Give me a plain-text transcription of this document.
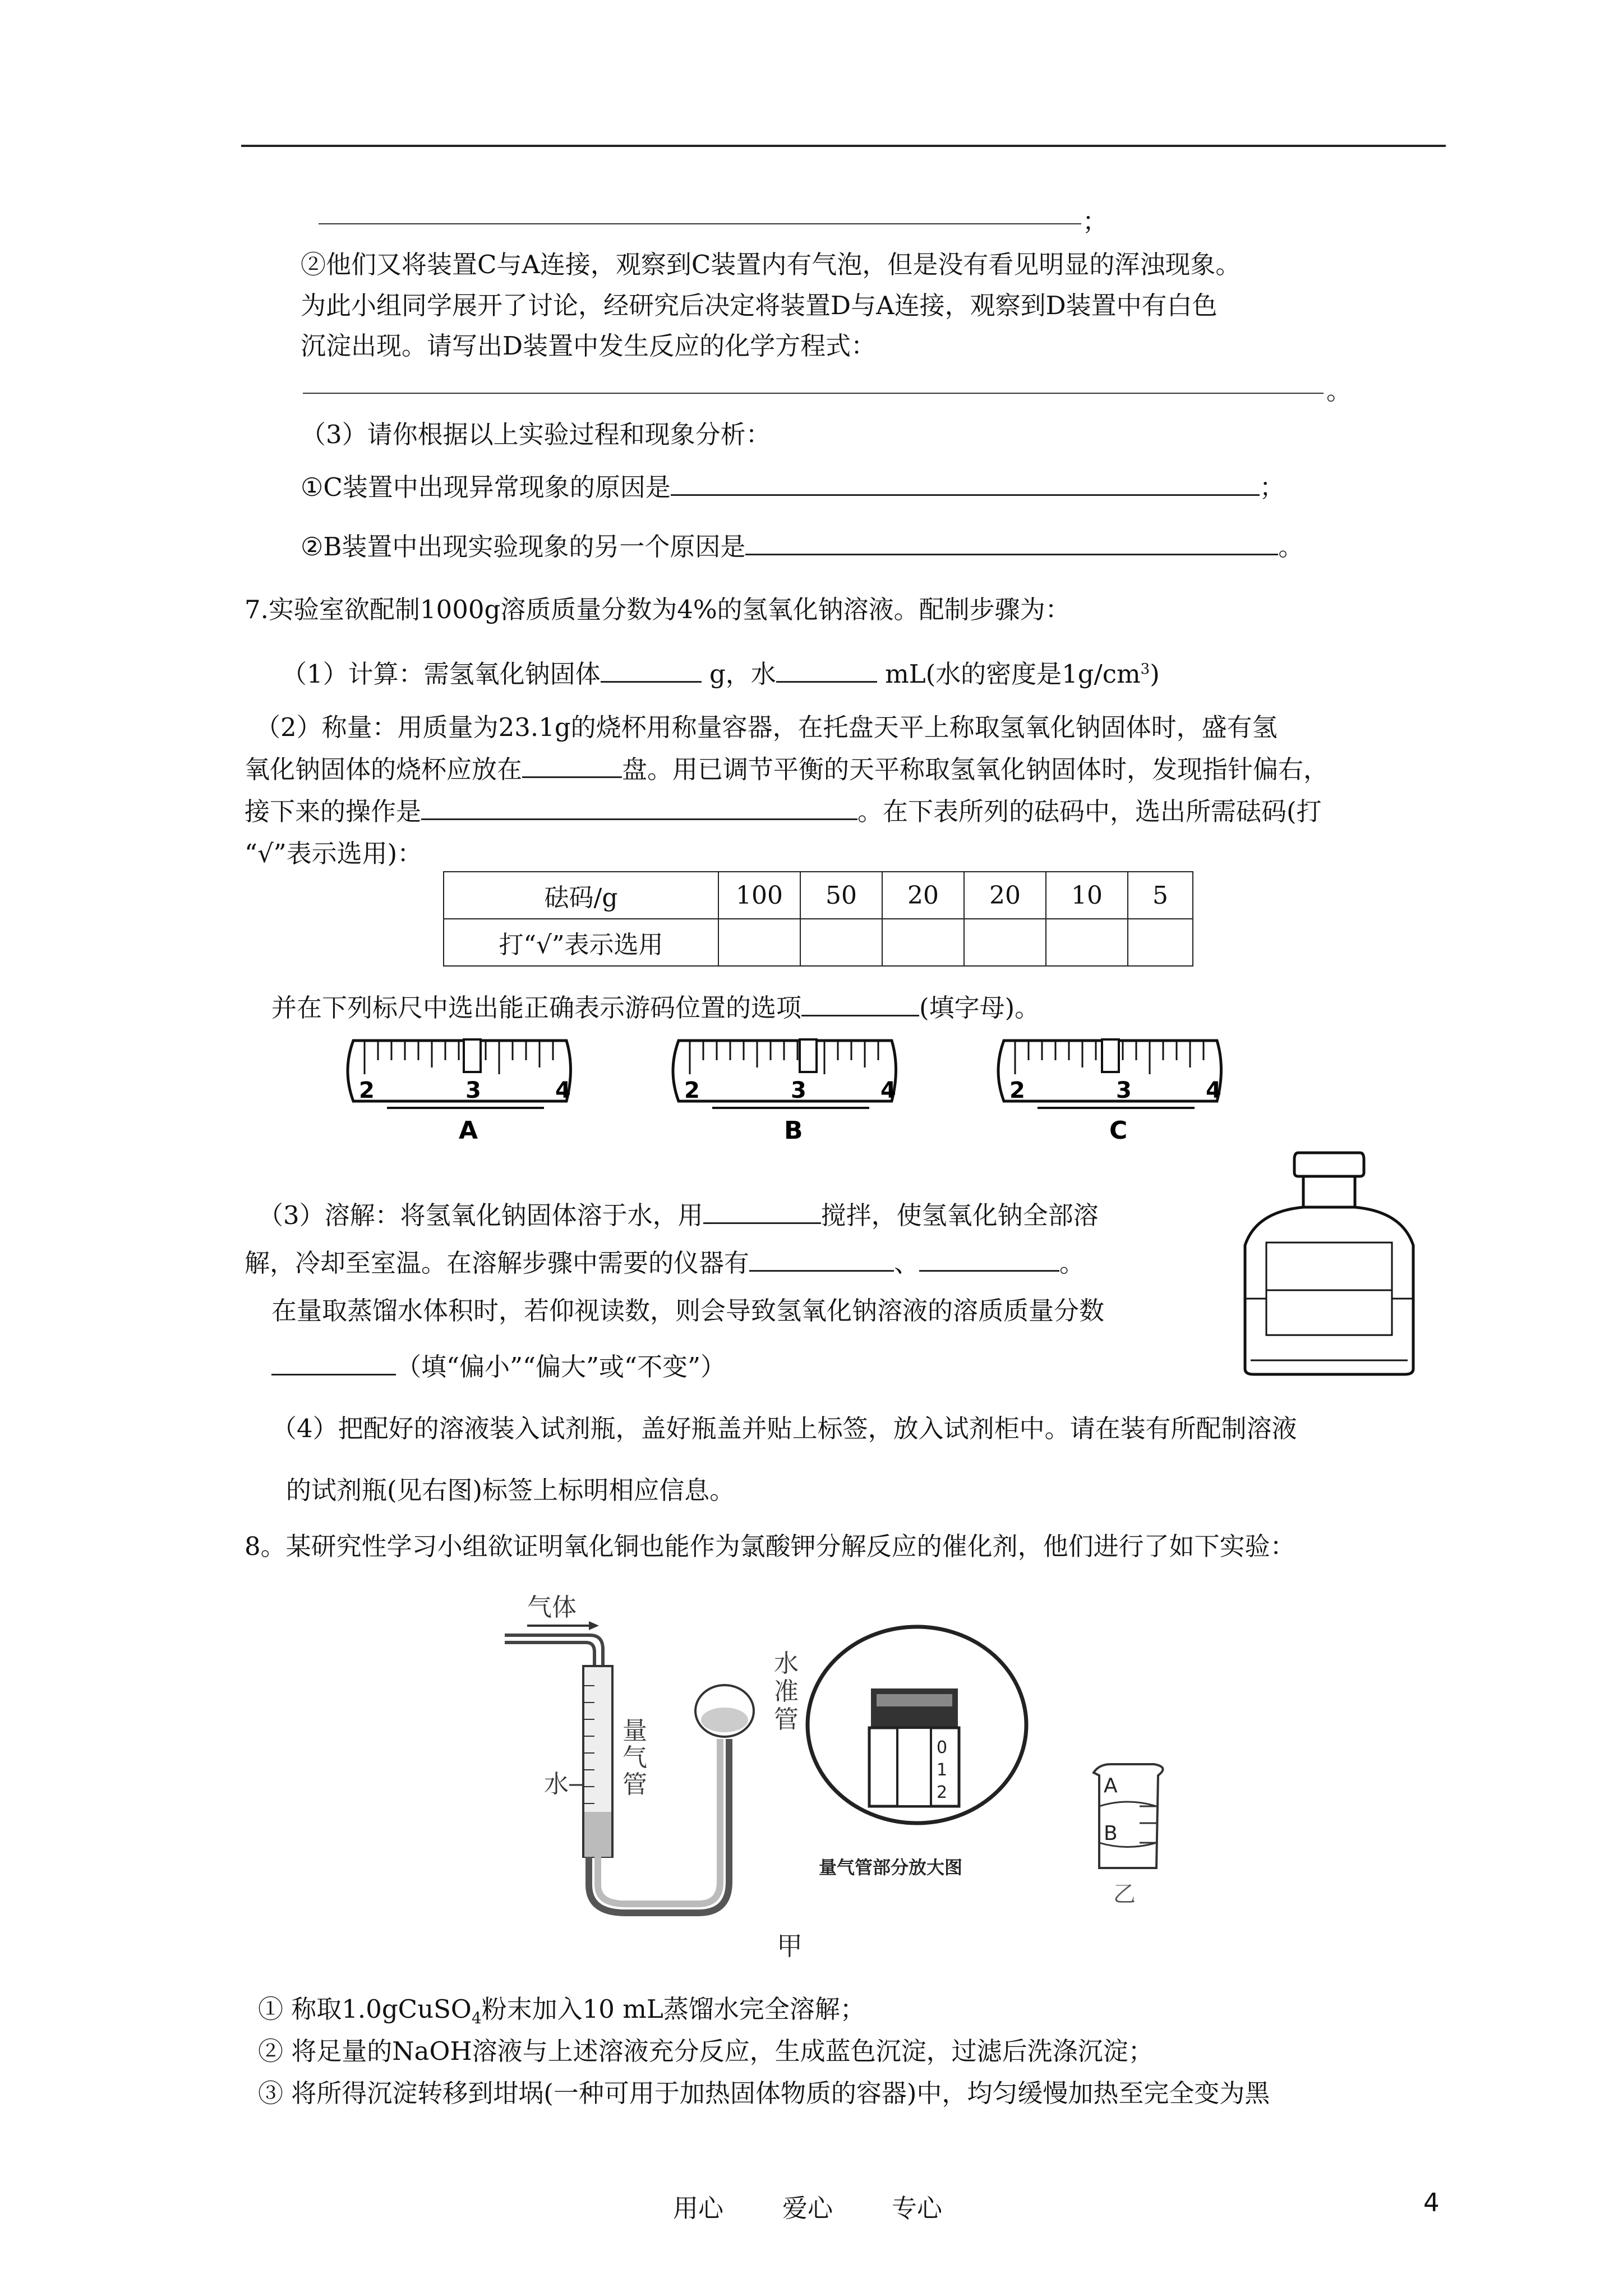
；
②他们又将装置C与A连接，观察到C装置内有气泡，但是没有看见明显的浑浊现象。
为此小组同学展开了讨论，经研究后决定将装置D与A连接，观察到D装置中有白色
沉淀出现。请写出D装置中发生反应的化学方程式：
。
（3）请你根据以上实验过程和现象分析：
①C装置中出现异常现象的原因是	；
②B装置中出现实验现象的另一个原因是	。
7.实验室欲配制1000g溶质质量分数为4%的氢氧化钠溶液。配制步骤为：
（1）计算：需氢氧化钠固体	g，水	mL(水的密度是$1g/cm^3$)
（2）称量：用质量为23.1g的烧杯用称量容器，在托盘天平上称取氢氧化钠固体时，盛有氢
氧化钠固体的烧杯应放在	盘。用已调节平衡的天平称取氢氧化钠固体时，发现指针偏右，
接下来的操作是	。在下表所列的砝码中，选出所需砝码(打
“√”表示选用)：
砝码/g	100	50	20	20	10	5
打“√”表示选用						
并在下列标尺中选出能正确表示游码位置的选项	(填字母)。
2	3	4
A
2	3	4
B
2	3	4
C
（3）溶解：将氢氧化钠固体溶于水，用	搅拌，使氢氧化钠全部溶
解，冷却至室温。在溶解步骤中需要的仪器有	、	。
在量取蒸馏水体积时，若仰视读数，则会导致氢氧化钠溶液的溶质质量分数
（填“偏小”“偏大”或“不变”）
（4）把配好的溶液装入试剂瓶，盖好瓶盖并贴上标签，放入试剂柜中。请在装有所配制溶液
的试剂瓶(见右图)标签上标明相应信息。
8。某研究性学习小组欲证明氧化铜也能作为氯酸钾分解反应的催化剂，他们进行了如下实验：
气体
水
量
气
管
水
准
管
0
1
2
量气管部分放大图
A
B
乙
甲
① 称取1.0gCuSO$_4$粉末加入10 mL蒸馏水完全溶解；
② 将足量的NaOH溶液与上述溶液充分反应，生成蓝色沉淀，过滤后洗涤沉淀；
③ 将所得沉淀转移到坩埚(一种可用于加热固体物质的容器)中，均匀缓慢加热至完全变为黑
用心 爱心 专心	4
